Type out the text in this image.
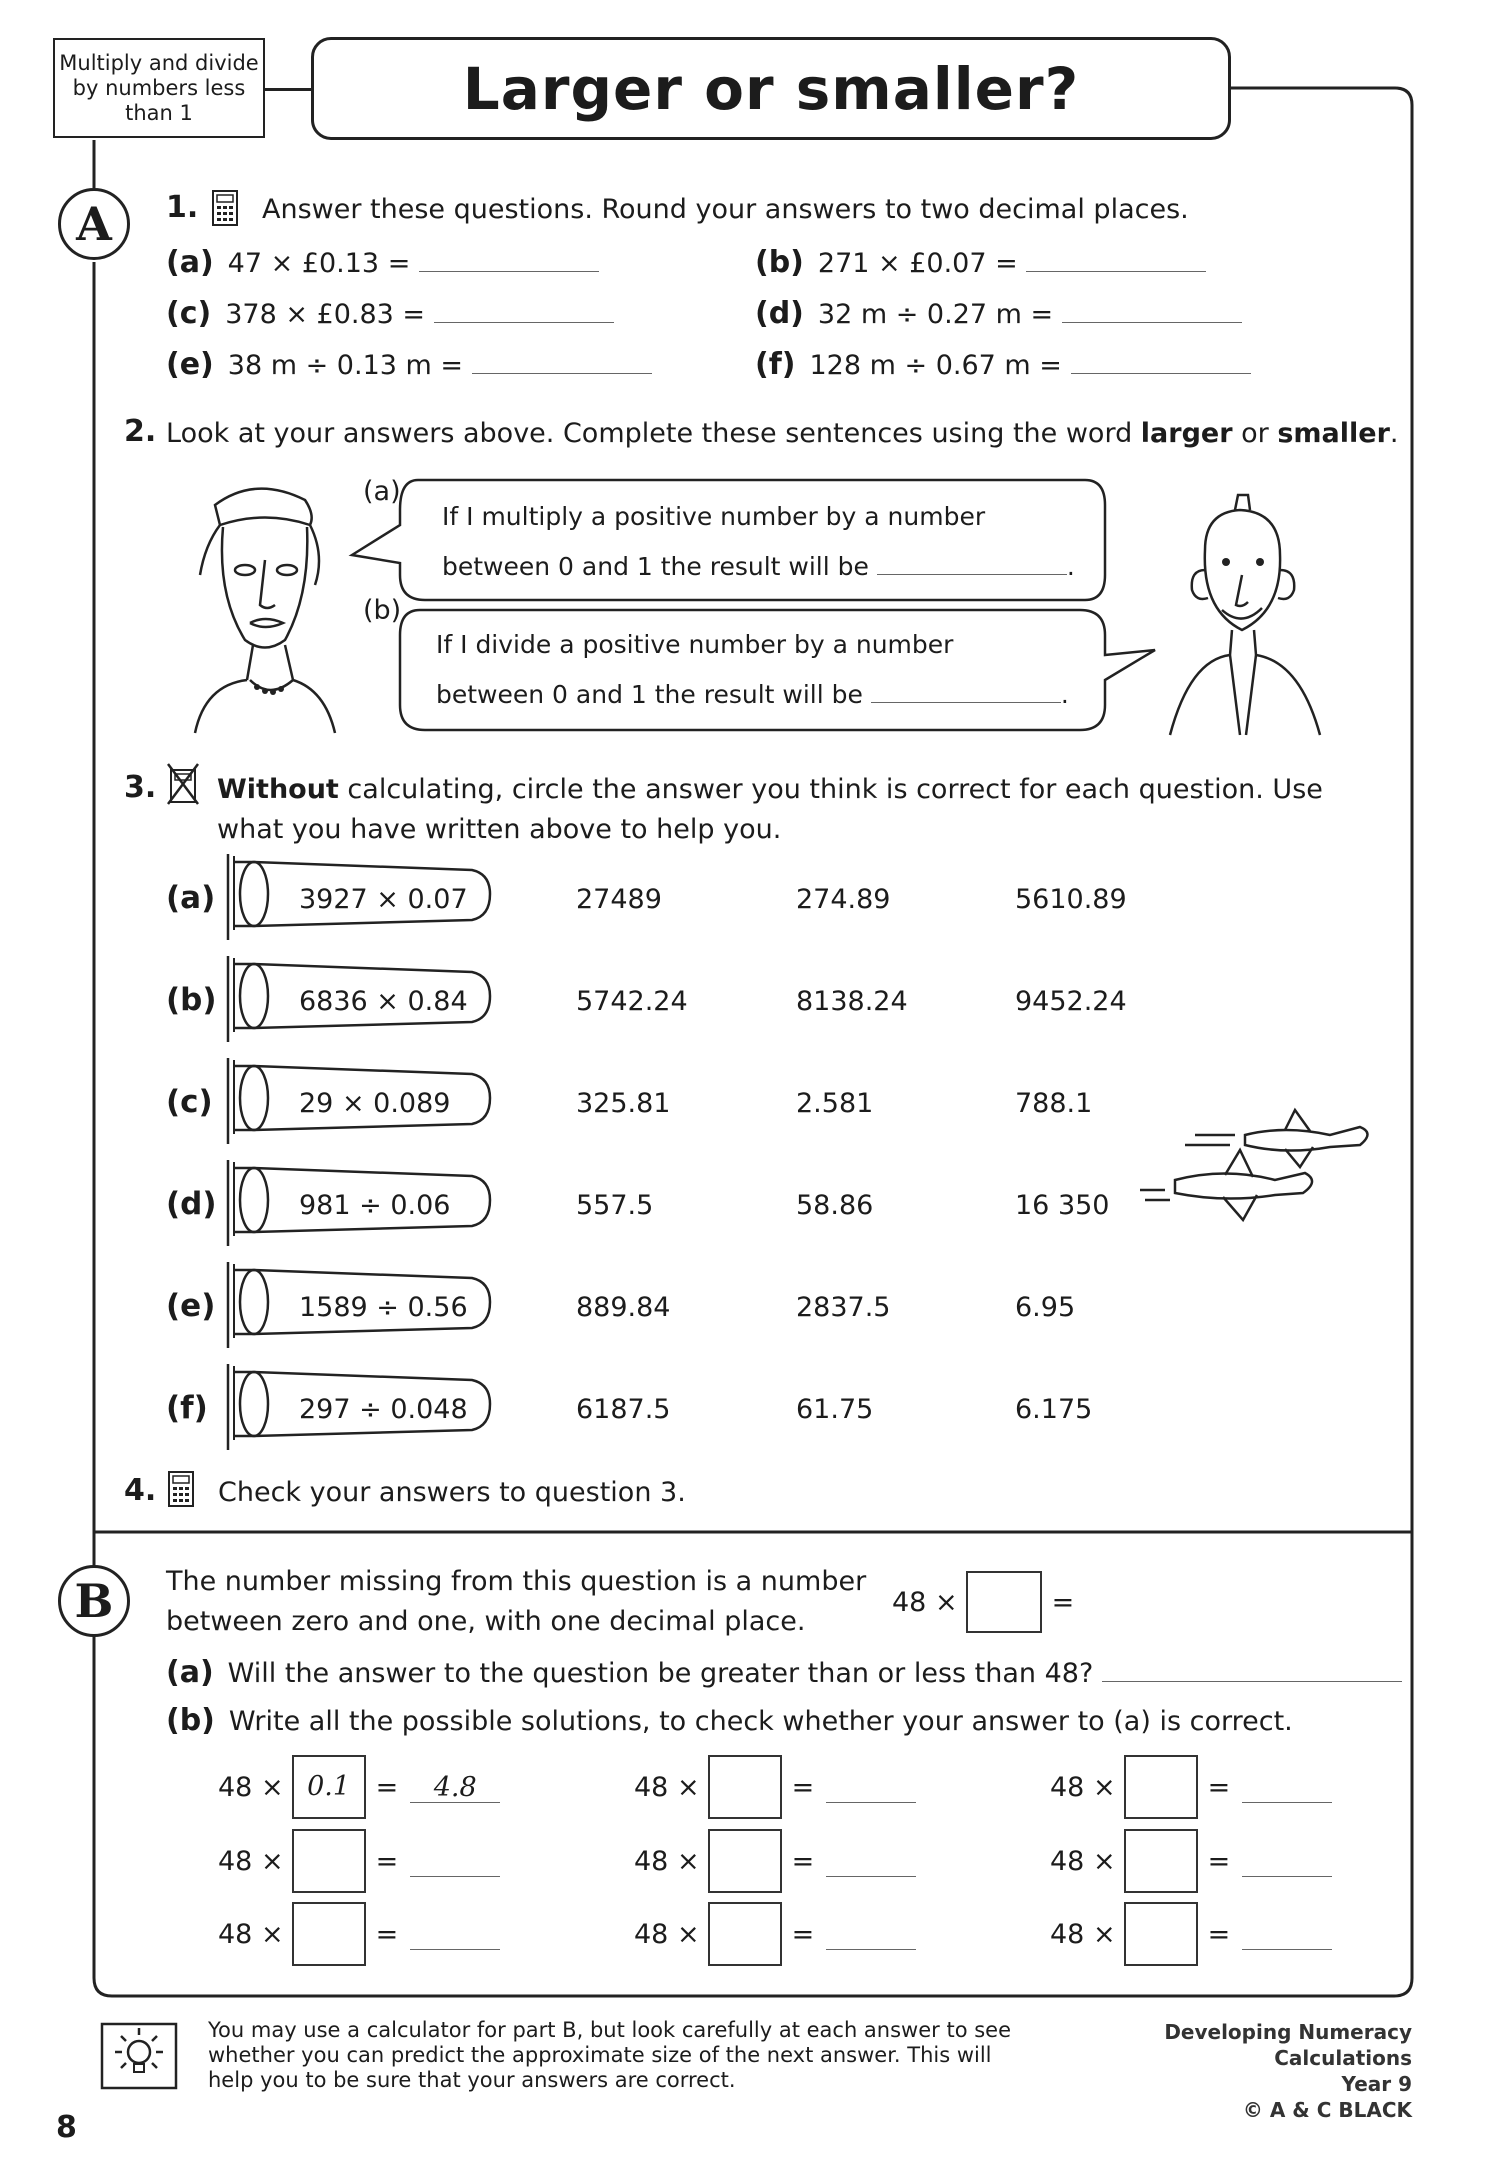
Multiply and divide by numbers less than 1	Larger or smaller?
A 1. Answer these questions. Round your answers to two decimal places.
(a) 47 × £0.13 =	(b) 271 × £0.07 =
(c) 378 × £0.83 =	(d) 32 m ÷ 0.27 m =
(e) 38 m ÷ 0.13 m =	(f) 128 m ÷ 0.67 m =
2. Look at your answers above. Complete these sentences using the word larger or smaller.
(a)
If I multiply a positive number by a number
between 0 and 1 the result will be	.
(b)
If I divide a positive number by a number
between 0 and 1 the result will be	.
3. Without calculating, circle the answer you think is correct for each question. Use what you have written above to help you.
(a)	3927 × 0.07	27489	274.89	5610.89
(b)	6836 × 0.84	5742.24	8138.24	9452.24
(c)	29 × 0.089	325.81	2.581	788.1
(d)	981 ÷ 0.06	557.5	58.86	16 350
(e)	1589 ÷ 0.56	889.84	2837.5	6.95
(f)	297 ÷ 0.048	6187.5	61.75	6.175
4. Check your answers to question 3.
B The number missing from this question is a number between zero and one, with one decimal place.
48 ×	=
(a) Will the answer to the question be greater than or less than 48?
(b) Write all the possible solutions, to check whether your answer to (a) is correct.
48 × 0.1 =	4.8	48 ×	=	48 ×	=
48 ×	=	48 ×	=	48 ×	=
48 ×	=	48 ×	=	48 ×	=
You may use a calculator for part B, but look carefully at each answer to see whether you can predict the approximate size of the next answer. This will help you to be sure that your answers are correct.
Developing Numeracy
Calculations
Year 9
© A & C BLACK
8
